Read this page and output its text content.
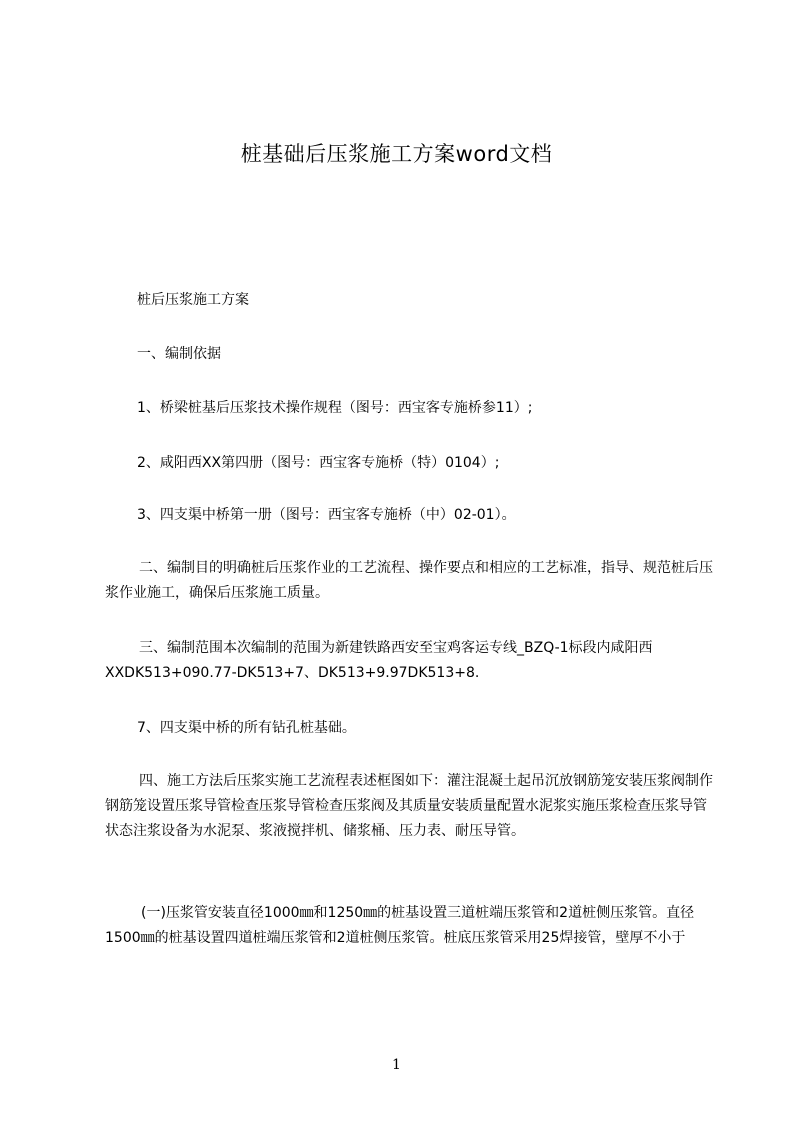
桩基础后压浆施工方案word文档

桩后压浆施工方案

一、编制依据

1、桥梁桩基后压浆技术操作规程（图号：西宝客专施桥参11）;

2、咸阳西XX第四册（图号：西宝客专施桥（特）0104）;

3、四支渠中桥第一册（图号：西宝客专施桥（中）02-01）。

二、编制目的明确桩后压浆作业的工艺流程、操作要点和相应的工艺标准，指导、规范桩后压浆作业施工，确保后压浆施工质量。

三、编制范围本次编制的范围为新建铁路西安至宝鸡客运专线_BZQ-1标段内咸阳西XXDK513+090.77-DK513+7、DK513+9.97DK513+8.

7、四支渠中桥的所有钻孔桩基础。

四、施工方法后压浆实施工艺流程表述框图如下：灌注混凝土起吊沉放钢筋笼安装压浆阀制作钢筋笼设置压浆导管检查压浆导管检查压浆阀及其质量安装质量配置水泥浆实施压浆检查压浆导管状态注浆设备为水泥泵、浆液搅拌机、储浆桶、压力表、耐压导管。

(一)压浆管安装直径1000㎜和1250㎜的桩基设置三道桩端压浆管和2道桩侧压浆管。直径1500㎜的桩基设置四道桩端压浆管和2道桩侧压浆管。桩底压浆管采用25焊接管，壁厚不小于

1
